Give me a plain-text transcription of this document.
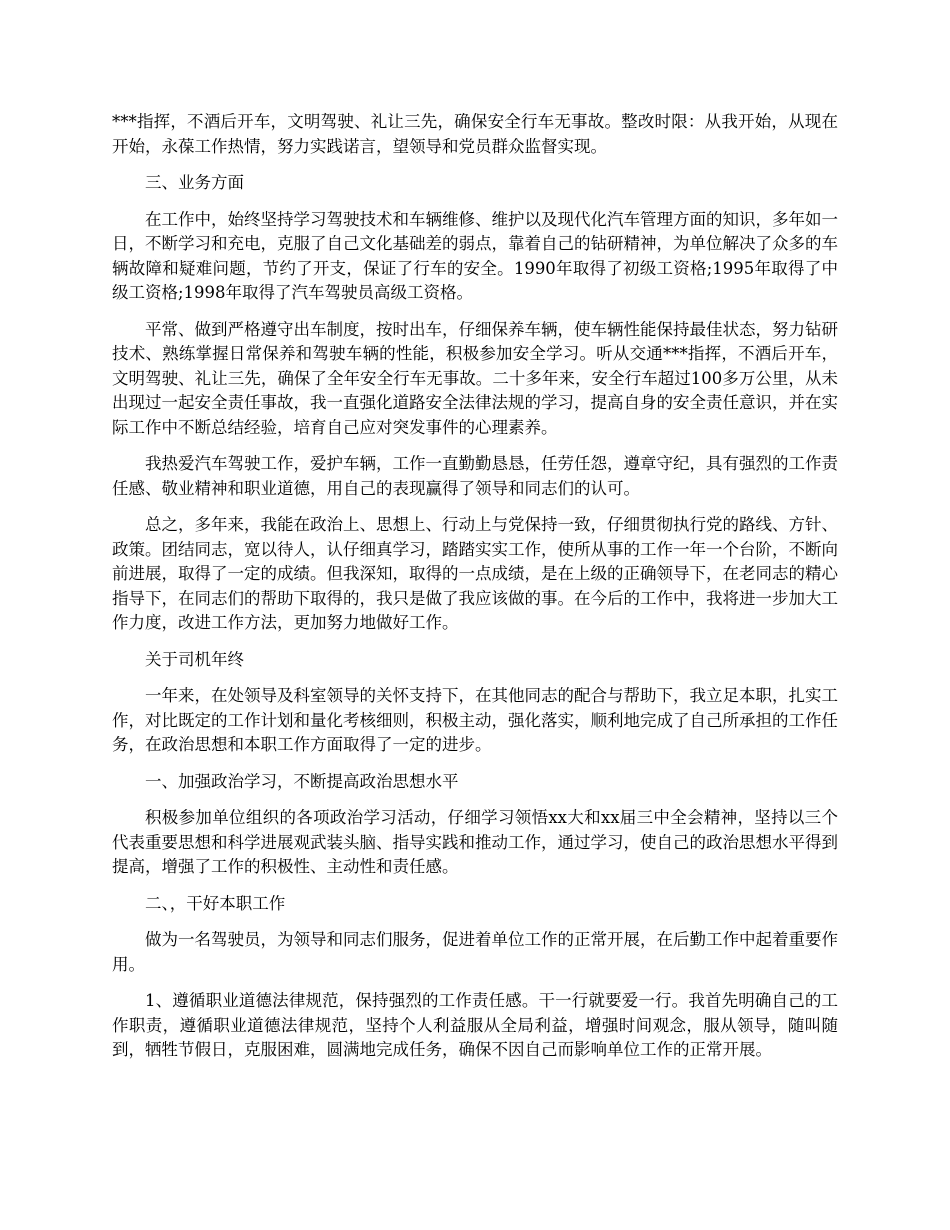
***指挥，不酒后开车，文明驾驶、礼让三先，确保安全行车无事故。整改时限：从我开始，从现在开始，永葆工作热情，努力实践诺言，望领导和党员群众监督实现。

三、业务方面

在工作中，始终坚持学习驾驶技术和车辆维修、维护以及现代化汽车管理方面的知识，多年如一日，不断学习和充电，克服了自己文化基础差的弱点，靠着自己的钻研精神，为单位解决了众多的车辆故障和疑难问题，节约了开支，保证了行车的安全。1990年取得了初级工资格;1995年取得了中级工资格;1998年取得了汽车驾驶员高级工资格。

平常、做到严格遵守出车制度，按时出车，仔细保养车辆，使车辆性能保持最佳状态，努力钻研技术、熟练掌握日常保养和驾驶车辆的性能，积极参加安全学习。听从交通***指挥，不酒后开车，文明驾驶、礼让三先，确保了全年安全行车无事故。二十多年来，安全行车超过100多万公里，从未出现过一起安全责任事故，我一直强化道路安全法律法规的学习，提高自身的安全责任意识，并在实际工作中不断总结经验，培育自己应对突发事件的心理素养。

我热爱汽车驾驶工作，爱护车辆，工作一直勤勤恳恳，任劳任怨，遵章守纪，具有强烈的工作责任感、敬业精神和职业道德，用自己的表现赢得了领导和同志们的认可。

总之，多年来，我能在政治上、思想上、行动上与党保持一致，仔细贯彻执行党的路线、方针、政策。团结同志，宽以待人，认仔细真学习，踏踏实实工作，使所从事的工作一年一个台阶，不断向前进展，取得了一定的成绩。但我深知，取得的一点成绩，是在上级的正确领导下，在老同志的精心指导下，在同志们的帮助下取得的，我只是做了我应该做的事。在今后的工作中，我将进一步加大工作力度，改进工作方法，更加努力地做好工作。

关于司机年终

一年来，在处领导及科室领导的关怀支持下，在其他同志的配合与帮助下，我立足本职，扎实工作，对比既定的工作计划和量化考核细则，积极主动，强化落实，顺利地完成了自己所承担的工作任务，在政治思想和本职工作方面取得了一定的进步。

一、加强政治学习，不断提高政治思想水平

积极参加单位组织的各项政治学习活动，仔细学习领悟xx大和xx届三中全会精神，坚持以三个代表重要思想和科学进展观武装头脑、指导实践和推动工作，通过学习，使自己的政治思想水平得到提高，增强了工作的积极性、主动性和责任感。

二、，干好本职工作

做为一名驾驶员，为领导和同志们服务，促进着单位工作的正常开展，在后勤工作中起着重要作用。

1、遵循职业道德法律规范，保持强烈的工作责任感。干一行就要爱一行。我首先明确自己的工作职责，遵循职业道德法律规范，坚持个人利益服从全局利益，增强时间观念，服从领导，随叫随到，牺牲节假日，克服困难，圆满地完成任务，确保不因自己而影响单位工作的正常开展。
